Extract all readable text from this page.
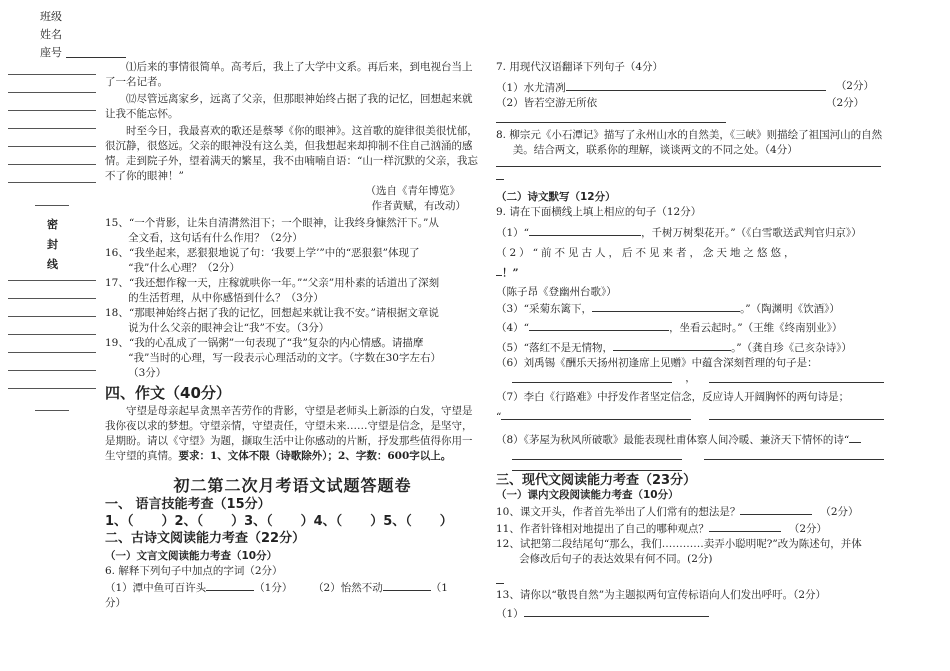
班级
姓名
座号
密
封
线

⑴后来的事情很简单。高考后，我上了大学中文系。再后来，到电视台当上了一名记者。

⑿尽管远离家乡，远离了父亲，但那眼神始终占据了我的记忆，回想起来就让我不能忘怀。

时至今日，我最喜欢的歌还是蔡琴《你的眼神》。这首歌的旋律很美很忧郁，很沉静，很悠远。父亲的眼神没有这么美，但我想起来却抑制不住自己汹涌的感情。走到院子外，望着满天的繁星，我不由喃喃自语：“山一样沉默的父亲，我忘不了你的眼神！”

（选自《青年博览》

作者黄赋，有改动）

15、“一个背影，让朱自清潸然泪下；一个眼神，让我终身慷然汗下。”从

全文看，这句话有什么作用？（2分）

16、“我坐起来，恶狠狠地说了句：‘我要上学’”中的“恶狠狠”体现了

“我”什么心理？（2分）

17、“我还想作稼一天，庄稼就哄你一年。”“父亲”用朴素的话道出了深刻

的生活哲理，从中你感悟到什么？（3分）

18、“那眼神始终占据了我的记忆，回想起来就让我不安。”请根据文章说

说为什么父亲的眼神会让“我”不安。（3分）

19、“我的心乱成了一锅粥”一句表现了“我”复杂的内心情感。请描摩

“我”当时的心理，写一段表示心理活动的文字。（字数在30字左右）

（3分）

四、作文（40分）

守望是母亲起早贪黑辛苦劳作的背影，守望是老师头上新添的白发，守望是我你夜以求的梦想。守望亲情，守望责任，守望未来……守望是信念，是坚守，是期盼。请以《守望》为题，撷取生活中让你感动的片断，抒发那些值得你用一生守望的真情。要求：1、文体不限（诗歌除外）；2、字数：600字以上。

初二第二次月考语文试题答题卷

一、 语言技能考查（15分）

1、（ ）2、（ ）3、（ ）4、（ ）5、（ ）

二、古诗文阅读能力考查（22分）

（一）文言文阅读能力考查（10分）

6. 解释下列句子中加点的字词（2分）

（1）潭中鱼可百许头	（1分） （2）怡然不动	（1

分）

7. 用现代汉语翻译下列句子（4分）

（1）水尤清冽	（2分）
（2）皆若空游无所依	（2分）

8. 柳宗元《小石潭记》描写了永州山水的自然美，《三峡》则描绘了祖国河山的自然美。结合两文，联系你的理解，谈谈两文的不同之处。（4分）

（二）诗文默写（12分）

9. 请在下面横线上填上相应的句子（12分）

（1）“	，千树万树梨花开。”（《白雪歌送武判官归京》）

（2）“前不见古人，后不见来者，念天地之悠悠，

！”

（陈子昂《登幽州台歌》）

（3）“采菊东篱下，	。”（陶渊明《饮酒》）

（4）“	，坐看云起时。”（王维《终南别业》）

（5）“落红不是无情物，	。”（龚自珍《己亥杂诗》）

（6）刘禹锡《酬乐天扬州初逢席上见赠》中蕴含深刻哲理的句子是：

，

（7）李白《行路难》中抒发作者坚定信念，反应诗人开阔胸怀的两句诗是；

“

（8）《茅屋为秋风所破歌》最能表现杜甫体察人间冷暖、兼济天下情怀的诗“

三、现代文阅读能力考查（23分）

（一）课内文段阅读能力考查（10分）

10、课文开头，作者首先举出了人们常有的想法是？	（2分）

11、作者针锋相对地提出了自己的哪种观点？	（2分）

12、试把第二段结尾句“那么，我们…………卖弄小聪明呢?”改为陈述句，并体

会修改后句子的表达效果有何不同。(2分)

13、请你以“敬畏自然”为主题拟两句宣传标语向人们发出呼吁。（2分）

（1）
